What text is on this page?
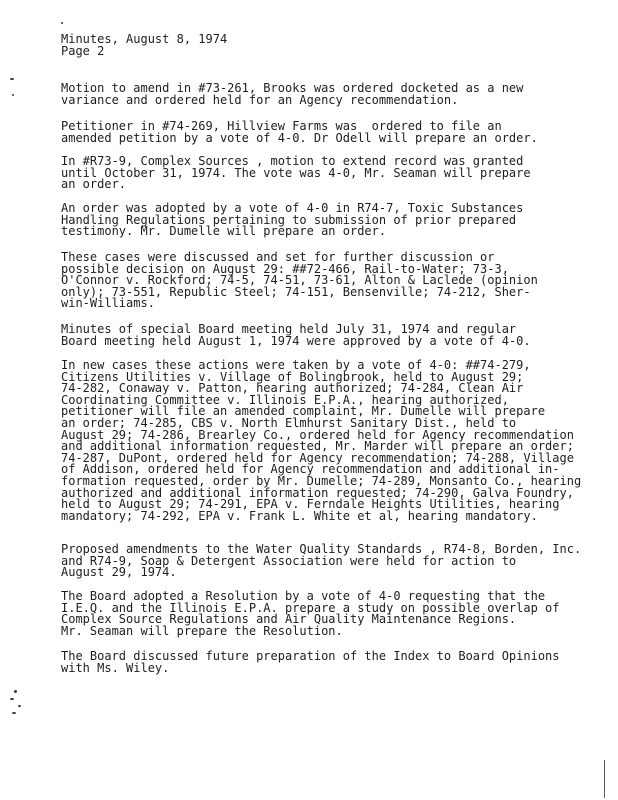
Minutes, August 8, 1974
Page 2
Motion to amend in #73-261, Brooks was ordered docketed as a new
variance and ordered held for an Agency recommendation.
Petitioner in #74-269, Hillview Farms was  ordered to file an
amended petition by a vote of 4-0. Dr Odell will prepare an order.
In #R73-9, Complex Sources , motion to extend record was granted
until October 31, 1974. The vote was 4-0, Mr. Seaman will prepare
an order.
An order was adopted by a vote of 4-0 in R74-7, Toxic Substances
Handling Regulations pertaining to submission of prior prepared
testimony. Mr. Dumelle will prepare an order.
These cases were discussed and set for further discussion or
possible decision on August 29: ##72-466, Rail-to-Water; 73-3,
O'Connor v. Rockford; 74-5, 74-51, 73-61, Alton & Laclede (opinion
only); 73-551, Republic Steel; 74-151, Bensenville; 74-212, Sher-
win-Williams.
Minutes of special Board meeting held July 31, 1974 and regular
Board meeting held August 1, 1974 were approved by a vote of 4-0.
In new cases these actions were taken by a vote of 4-0: ##74-279,
Citizens Utilities v. Village of Bolingbrook, held to August 29;
74-282, Conaway v. Patton, hearing authorized; 74-284, Clean Air
Coordinating Committee v. Illinois E.P.A., hearing authorized,
petitioner will file an amended complaint, Mr. Dumelle will prepare
an order; 74-285, CBS v. North Elmhurst Sanitary Dist., held to
August 29; 74-286, Brearley Co., ordered held for Agency recommendation
and additional information requested, Mr. Marder will prepare an order;
74-287, DuPont, ordered held for Agency recommendation; 74-288, Village
of Addison, ordered held for Agency recommendation and additional in-
formation requested, order by Mr. Dumelle; 74-289, Monsanto Co., hearing
authorized and additional information requested; 74-290, Galva Foundry,
held to August 29; 74-291, EPA v. Ferndale Heights Utilities, hearing
mandatory; 74-292, EPA v. Frank L. White et al, hearing mandatory.
Proposed amendments to the Water Quality Standards , R74-8, Borden, Inc.
and R74-9, Soap & Detergent Association were held for action to
August 29, 1974.
The Board adopted a Resolution by a vote of 4-0 requesting that the
I.E.Q. and the Illinois E.P.A. prepare a study on possible overlap of
Complex Source Regulations and Air Quality Maintenance Regions.
Mr. Seaman will prepare the Resolution.
The Board discussed future preparation of the Index to Board Opinions
with Ms. Wiley.
